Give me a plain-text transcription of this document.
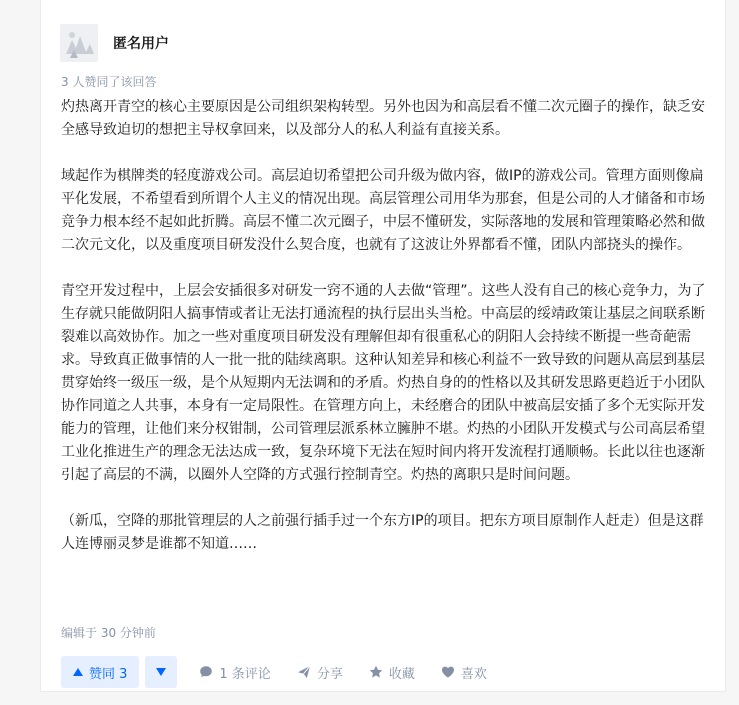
匿名用户
3 人赞同了该回答

灼热离开青空的核心主要原因是公司组织架构转型。另外也因为和高层看不懂二次元圈子的操作，缺乏安全感导致迫切的想把主导权拿回来，以及部分人的私人利益有直接关系。

域起作为棋牌类的轻度游戏公司。高层迫切希望把公司升级为做内容，做IP的游戏公司。管理方面则像扁平化发展，不希望看到所谓个人主义的情况出现。高层管理公司用华为那套，但是公司的人才储备和市场竞争力根本经不起如此折腾。高层不懂二次元圈子，中层不懂研发，实际落地的发展和管理策略必然和做二次元文化，以及重度项目研发没什么契合度，也就有了这波让外界都看不懂，团队内部挠头的操作。

青空开发过程中，上层会安插很多对研发一窍不通的人去做“管理”。这些人没有自己的核心竞争力，为了生存就只能做阴阳人搞事情或者让无法打通流程的执行层出头当枪。中高层的绥靖政策让基层之间联系断裂难以高效协作。加之一些对重度项目研发没有理解但却有很重私心的阴阳人会持续不断提一些奇葩需求。导致真正做事情的人一批一批的陆续离职。这种认知差异和核心利益不一致导致的问题从高层到基层贯穿始终一级压一级，是个从短期内无法调和的矛盾。灼热自身的的性格以及其研发思路更趋近于小团队协作同道之人共事，本身有一定局限性。在管理方向上，未经磨合的团队中被高层安插了多个无实际开发能力的管理，让他们来分权钳制，公司管理层派系林立臃肿不堪。灼热的小团队开发模式与公司高层希望工业化推进生产的理念无法达成一致，复杂环境下无法在短时间内将开发流程打通顺畅。长此以往也逐渐引起了高层的不满，以圈外人空降的方式强行控制青空。灼热的离职只是时间问题。

（新瓜，空降的那批管理层的人之前强行插手过一个东方IP的项目。把东方项目原制作人赶走）但是这群人连博丽灵梦是谁都不知道……

编辑于 30 分钟前
赞同 3	1 条评论	分享	收藏	喜欢
